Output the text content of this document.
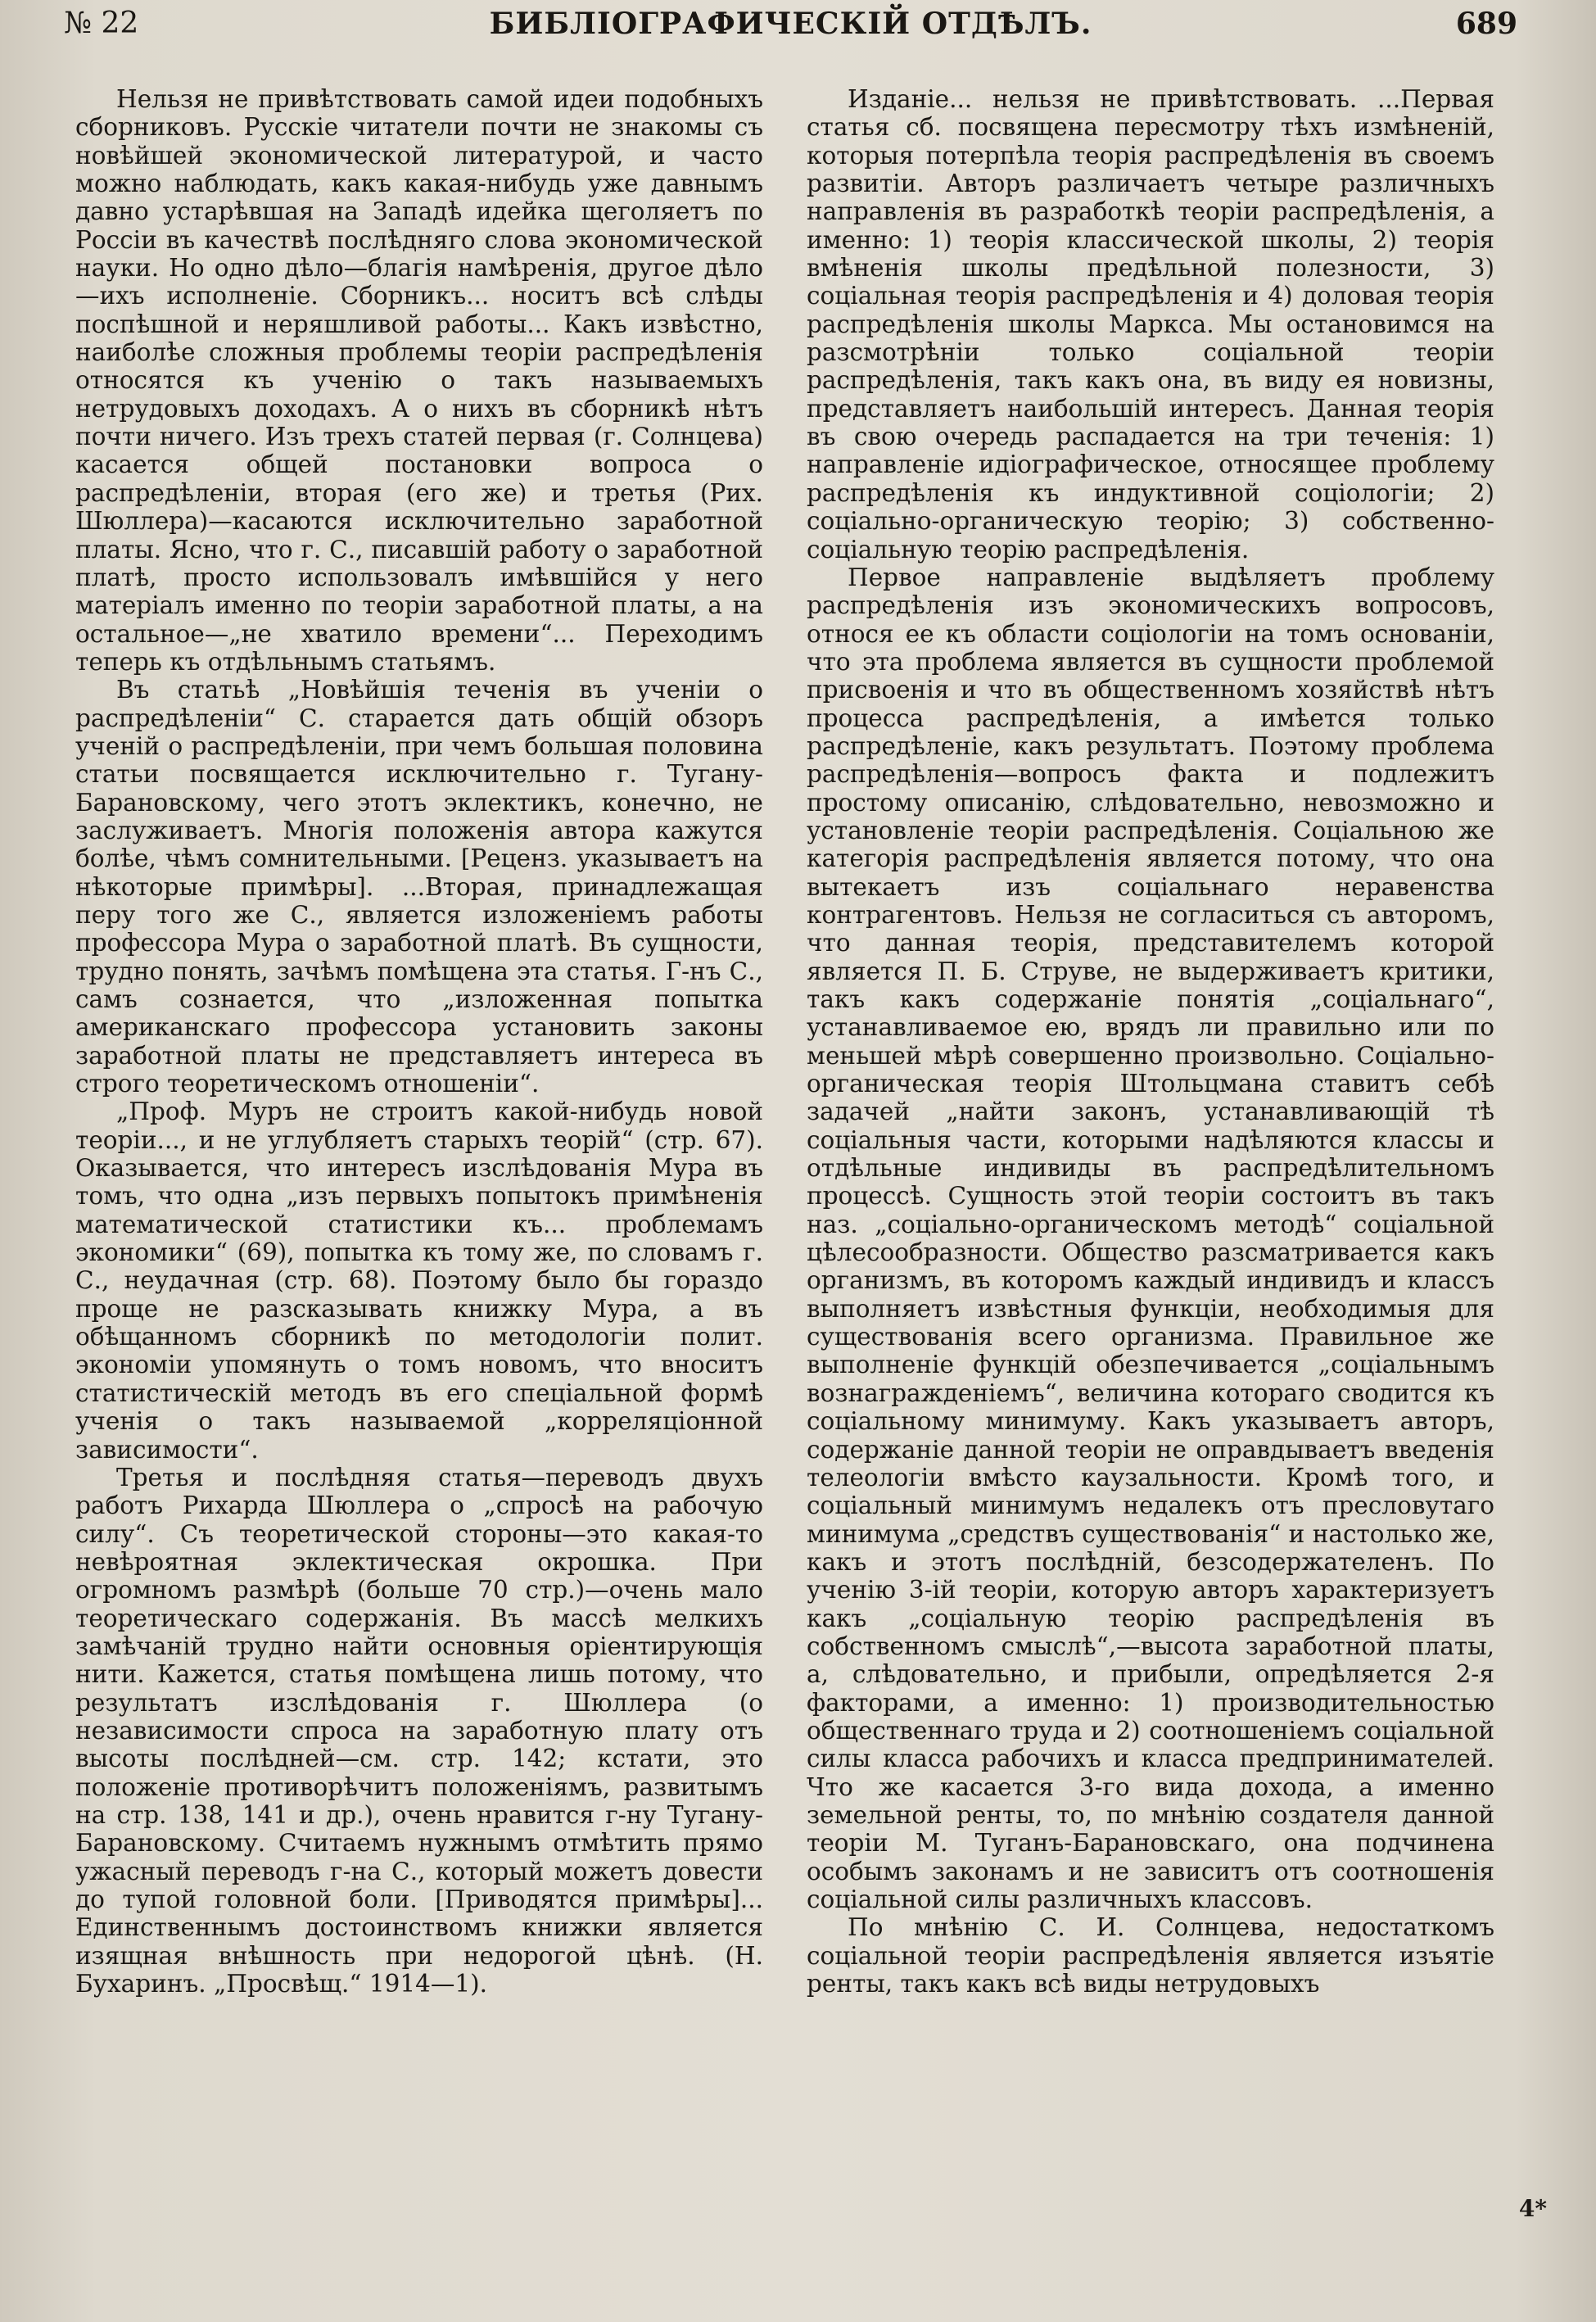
№ 22	БИБЛІОГРАФИЧЕСКІЙ ОТДѢЛЪ.	689

Нельзя не привѣтствовать самой идеи подобныхъ сборниковъ. Русскіе читатели почти не знакомы съ новѣйшей экономической литературой, и часто можно наблюдать, какъ какая-нибудь уже давнымъ давно устарѣвшая на Западѣ идейка щеголяетъ по Россіи въ качествѣ послѣдняго слова экономической науки. Но одно дѣло—благія намѣренія, другое дѣло—ихъ исполненіе. Сборникъ... носитъ всѣ слѣды поспѣшной и неряшливой работы... Какъ извѣстно, наиболѣе сложныя проблемы теоріи распредѣленія относятся къ ученію о такъ называемыхъ нетрудовыхъ доходахъ. А о нихъ въ сборникѣ нѣтъ почти ничего. Изъ трехъ статей первая (г. Солнцева) касается общей постановки вопроса о распредѣленіи, вторая (его же) и третья (Рих. Шюллера)—касаются исключительно заработной платы. Ясно, что г. С., писавшій работу о заработной платѣ, просто использовалъ имѣвшійся у него матеріалъ именно по теоріи заработной платы, а на остальное—„не хватило времени“... Переходимъ теперь къ отдѣльнымъ статьямъ.

Въ статьѣ „Новѣйшія теченія въ ученіи о распредѣленіи“ С. старается дать общій обзоръ ученій о распредѣленіи, при чемъ большая половина статьи посвящается исключительно г. Тугану-Барановскому, чего этотъ эклектикъ, конечно, не заслуживаетъ. Многія положенія автора кажутся болѣе, чѣмъ сомнительными. [Реценз. указываетъ на нѣкоторые примѣры]. ...Вторая, принадлежащая перу того же С., является изложеніемъ работы профессора Мура о заработной платѣ. Въ сущности, трудно понять, зачѣмъ помѣщена эта статья. Г-нъ С., самъ сознается, что „изложенная попытка американскаго профессора установить законы заработной платы не представляетъ интереса въ строго теоретическомъ отношеніи“.

„Проф. Муръ не строитъ какой-нибудь новой теоріи..., и не углубляетъ старыхъ теорій“ (стр. 67). Оказывается, что интересъ изслѣдованія Мура въ томъ, что одна „изъ первыхъ попытокъ примѣненія математической статистики къ... проблемамъ экономики“ (69), попытка къ тому же, по словамъ г. С., неудачная (стр. 68). Поэтому было бы гораздо проще не разсказывать книжку Мура, а въ обѣщанномъ сборникѣ по методологіи полит. экономіи упомянуть о томъ новомъ, что вноситъ статистическій методъ въ его спеціальной формѣ ученія о такъ называемой „корреляціонной зависимости“.

Третья и послѣдняя статья—переводъ двухъ работъ Рихарда Шюллера о „спросѣ на рабочую силу“. Съ теоретической стороны—это какая-то невѣроятная эклектическая окрошка. При огромномъ размѣрѣ (больше 70 стр.)—очень мало теоретическаго содержанія. Въ массѣ мелкихъ замѣчаній трудно найти основныя оріентирующія нити. Кажется, статья помѣщена лишь потому, что результатъ изслѣдованія г. Шюллера (о независимости спроса на заработную плату отъ высоты послѣдней—см. стр. 142; кстати, это положеніе противорѣчитъ положеніямъ, развитымъ на стр. 138, 141 и др.), очень нравится г-ну Тугану-Барановскому. Считаемъ нужнымъ отмѣтить прямо ужасный переводъ г-на С., который можетъ довести до тупой головной боли. [Приводятся примѣры]... Единственнымъ достоинствомъ книжки является изящная внѣшность при недорогой цѣнѣ. (Н. Бухаринъ. „Просвѣщ.“ 1914—1).

Изданіе... нельзя не привѣтствовать. ...Первая статья сб. посвящена пересмотру тѣхъ измѣненій, которыя потерпѣла теорія распредѣленія въ своемъ развитіи. Авторъ различаетъ четыре различныхъ направленія въ разработкѣ теоріи распредѣленія, а именно: 1) теорія классической школы, 2) теорія вмѣненія школы предѣльной полезности, 3) соціальная теорія распредѣленія и 4) доловая теорія распредѣленія школы Маркса. Мы остановимся на разсмотрѣніи только соціальной теоріи распредѣленія, такъ какъ она, въ виду ея новизны, представляетъ наибольшій интересъ. Данная теорія въ свою очередь распадается на три теченія: 1) направленіе идіографическое, относящее проблему распредѣленія къ индуктивной соціологіи; 2) соціально-органическую теорію; 3) собственно-соціальную теорію распредѣленія.

Первое направленіе выдѣляетъ проблему распредѣленія изъ экономическихъ вопросовъ, относя ее къ области соціологіи на томъ основаніи, что эта проблема является въ сущности проблемой присвоенія и что въ общественномъ хозяйствѣ нѣтъ процесса распредѣленія, а имѣется только распредѣленіе, какъ результатъ. Поэтому проблема распредѣленія—вопросъ факта и подлежитъ простому описанію, слѣдовательно, невозможно и установленіе теоріи распредѣленія. Соціальною же категорія распредѣленія является потому, что она вытекаетъ изъ соціальнаго неравенства контрагентовъ. Нельзя не согласиться съ авторомъ, что данная теорія, представителемъ которой является П. Б. Струве, не выдерживаетъ критики, такъ какъ содержаніе понятія „соціальнаго“, устанавливаемое ею, врядъ ли правильно или по меньшей мѣрѣ совершенно произвольно. Соціально-органическая теорія Штольцмана ставитъ себѣ задачей „найти законъ, устанавливающій тѣ соціальныя части, которыми надѣляются классы и отдѣльные индивиды въ распредѣлительномъ процессѣ. Сущность этой теоріи состоитъ въ такъ наз. „соціально-органическомъ методѣ“ соціальной цѣлесообразности. Общество разсматривается какъ организмъ, въ которомъ каждый индивидъ и классъ выполняетъ извѣстныя функціи, необходимыя для существованія всего организма. Правильное же выполненіе функцій обезпечивается „соціальнымъ вознагражденіемъ“, величина котораго сводится къ соціальному минимуму. Какъ указываетъ авторъ, содержаніе данной теоріи не оправдываетъ введенія телеологіи вмѣсто каузальности. Кромѣ того, и соціальный минимумъ недалекъ отъ пресловутаго минимума „средствъ существованія“ и настолько же, какъ и этотъ послѣдній, безсодержателенъ. По ученію 3-ій теоріи, которую авторъ характеризуетъ какъ „соціальную теорію распредѣленія въ собственномъ смыслѣ“,—высота заработной платы, а, слѣдовательно, и прибыли, опредѣляется 2-я факторами, а именно: 1) производительностью общественнаго труда и 2) соотношеніемъ соціальной силы класса рабочихъ и класса предпринимателей. Что же касается 3-го вида дохода, а именно земельной ренты, то, по мнѣнію создателя данной теоріи М. Туганъ-Барановскаго, она подчинена особымъ законамъ и не зависитъ отъ соотношенія соціальной силы различныхъ классовъ.

По мнѣнію С. И. Солнцева, недостаткомъ соціальной теоріи распредѣленія является изъятіе ренты, такъ какъ всѣ виды нетрудовыхъ

4*
